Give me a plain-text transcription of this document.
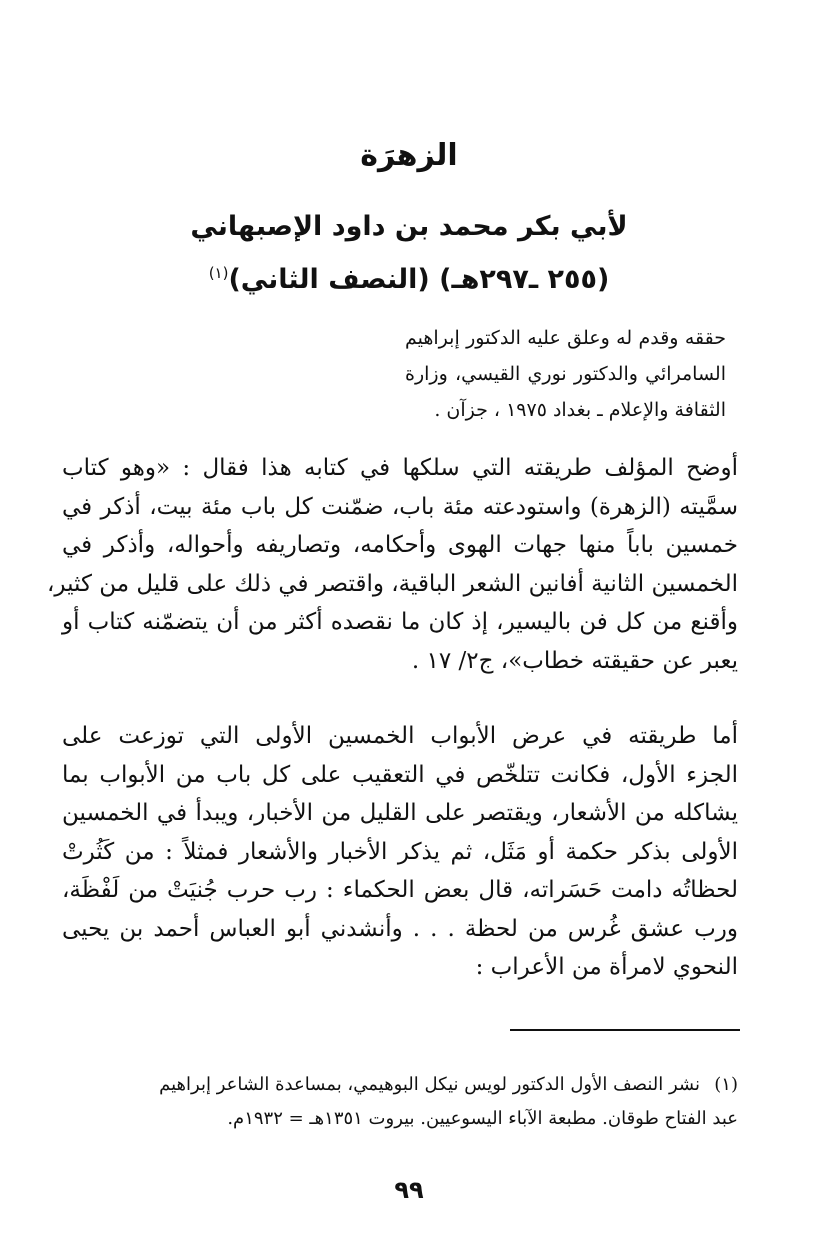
الزهرَة
لأبي بكر محمد بن داود الإصبهاني
(٢٥٥ ـ٢٩٧هـ) (النصف الثاني)$^{(١)}$
حققه وقدم له وعلق عليه الدكتور إبراهيم
السامرائي والدكتور نوري القيسي، وزارة
الثقافة والإعلام ـ بغداد ١٩٧٥ ، جزآن .
أوضح المؤلف طريقته التي سلكها في كتابه هذا فقال : «وهو كتاب
سمَّيته (الزهرة) واستودعته مئة باب، ضمّنت كل باب مئة بيت، أذكر في
خمسين باباً منها جهات الهوى وأحكامه، وتصاريفه وأحواله، وأذكر في
الخمسين الثانية أفانين الشعر الباقية، واقتصر في ذلك على قليل من كثير،
وأقنع من كل فن باليسير، إذ كان ما نقصده أكثر من أن يتضمّنه كتاب أو
يعبر عن حقيقته خطاب»، ج٢/ ١٧ .
أما طريقته في عرض الأبواب الخمسين الأولى التي توزعت على
الجزء الأول، فكانت تتلخّص في التعقيب على كل باب من الأبواب بما
يشاكله من الأشعار، ويقتصر على القليل من الأخبار، ويبدأ في الخمسين
الأولى بذكر حكمة أو مَثَل، ثم يذكر الأخبار والأشعار فمثلاً : من كَثُرتْ
لحظاتُه دامت حَسَراته، قال بعض الحكماء : رب حرب جُنيَتْ من لَفْظَة،
ورب عشق غُرس من لحظة . . . وأنشدني أبو العباس أحمد بن يحيى
النحوي لامرأة من الأعراب :
(١)نشر النصف الأول الدكتور لويس نيكل البوهيمي، بمساعدة الشاعر إبراهيم
عبد الفتاح طوقان. مطبعة الآباء اليسوعيين. بيروت ١٣٥١هـ = ١٩٣٢م.
٩٩
